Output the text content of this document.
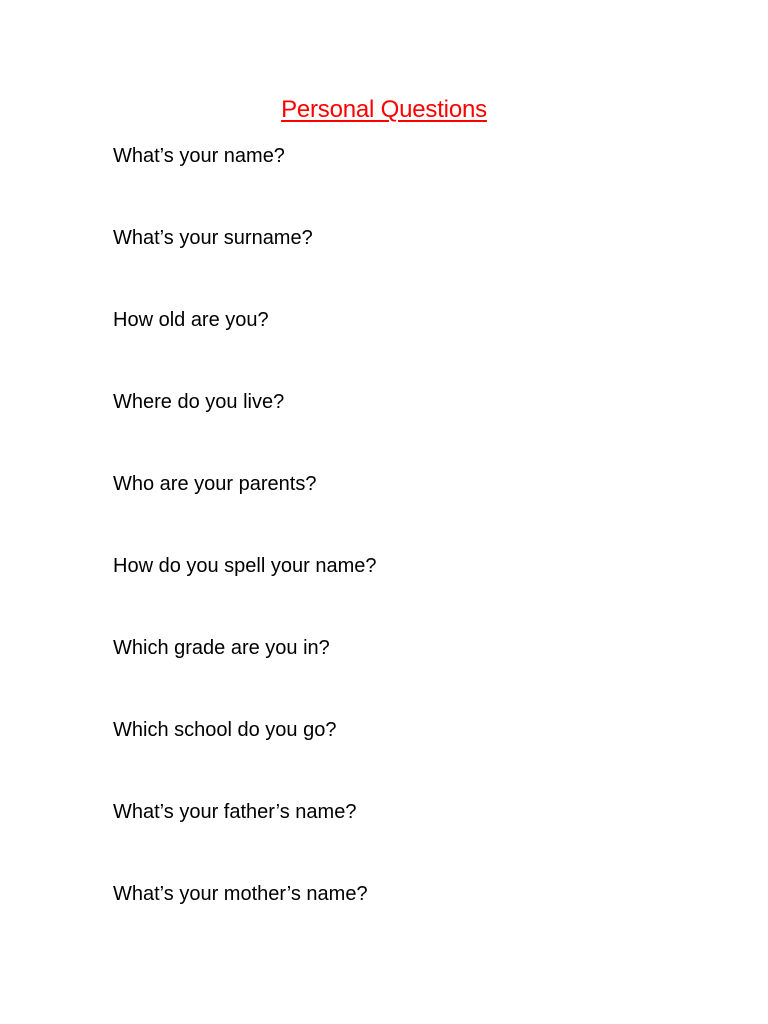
Personal Questions
What’s your name?
What’s your surname?
How old are you?
Where do you live?
Who are your parents?
How do you spell your name?
Which grade are you in?
Which school do you go?
What’s your father’s name?
What’s your mother’s name?
